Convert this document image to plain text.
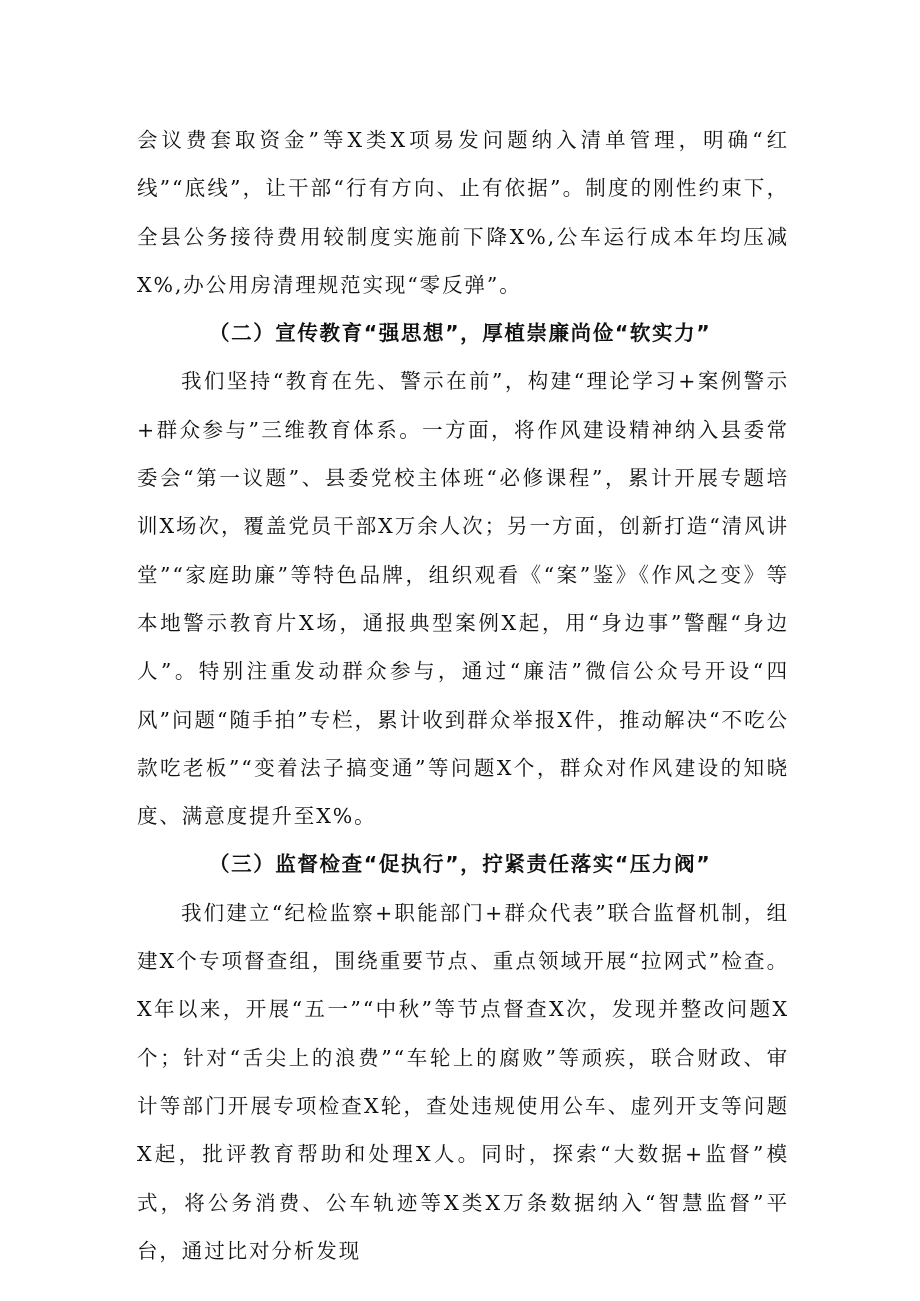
会议费套取资金”等X类X项易发问题纳入清单管理，明确“红线”“底线”，让干部“行有方向、止有依据”。制度的刚性约束下，全县公务接待费用较制度实施前下降X%,公车运行成本年均压减X%,办公用房清理规范实现“零反弹”。

（二）宣传教育“强思想”，厚植崇廉尚俭“软实力”

我们坚持“教育在先、警示在前”，构建“理论学习+案例警示+群众参与”三维教育体系。一方面，将作风建设精神纳入县委常委会“第一议题”、县委党校主体班“必修课程”，累计开展专题培训X场次，覆盖党员干部X万余人次；另一方面，创新打造“清风讲堂”“家庭助廉”等特色品牌，组织观看《“案”鉴》《作风之变》等本地警示教育片X场，通报典型案例X起，用“身边事”警醒“身边人”。特别注重发动群众参与，通过“廉洁”微信公众号开设“四风”问题“随手拍”专栏，累计收到群众举报X件，推动解决“不吃公款吃老板”“变着法子搞变通”等问题X个，群众对作风建设的知晓度、满意度提升至X%。

（三）监督检查“促执行”，拧紧责任落实“压力阀”

我们建立“纪检监察+职能部门+群众代表”联合监督机制，组建X个专项督查组，围绕重要节点、重点领域开展“拉网式”检查。X年以来，开展“五一”“中秋”等节点督查X次，发现并整改问题X个；针对“舌尖上的浪费”“车轮上的腐败”等顽疾，联合财政、审计等部门开展专项检查X轮，查处违规使用公车、虚列开支等问题X起，批评教育帮助和处理X人。同时，探索“大数据+监督”模式，将公务消费、公车轨迹等X类X万条数据纳入“智慧监督”平台，通过比对分析发现
